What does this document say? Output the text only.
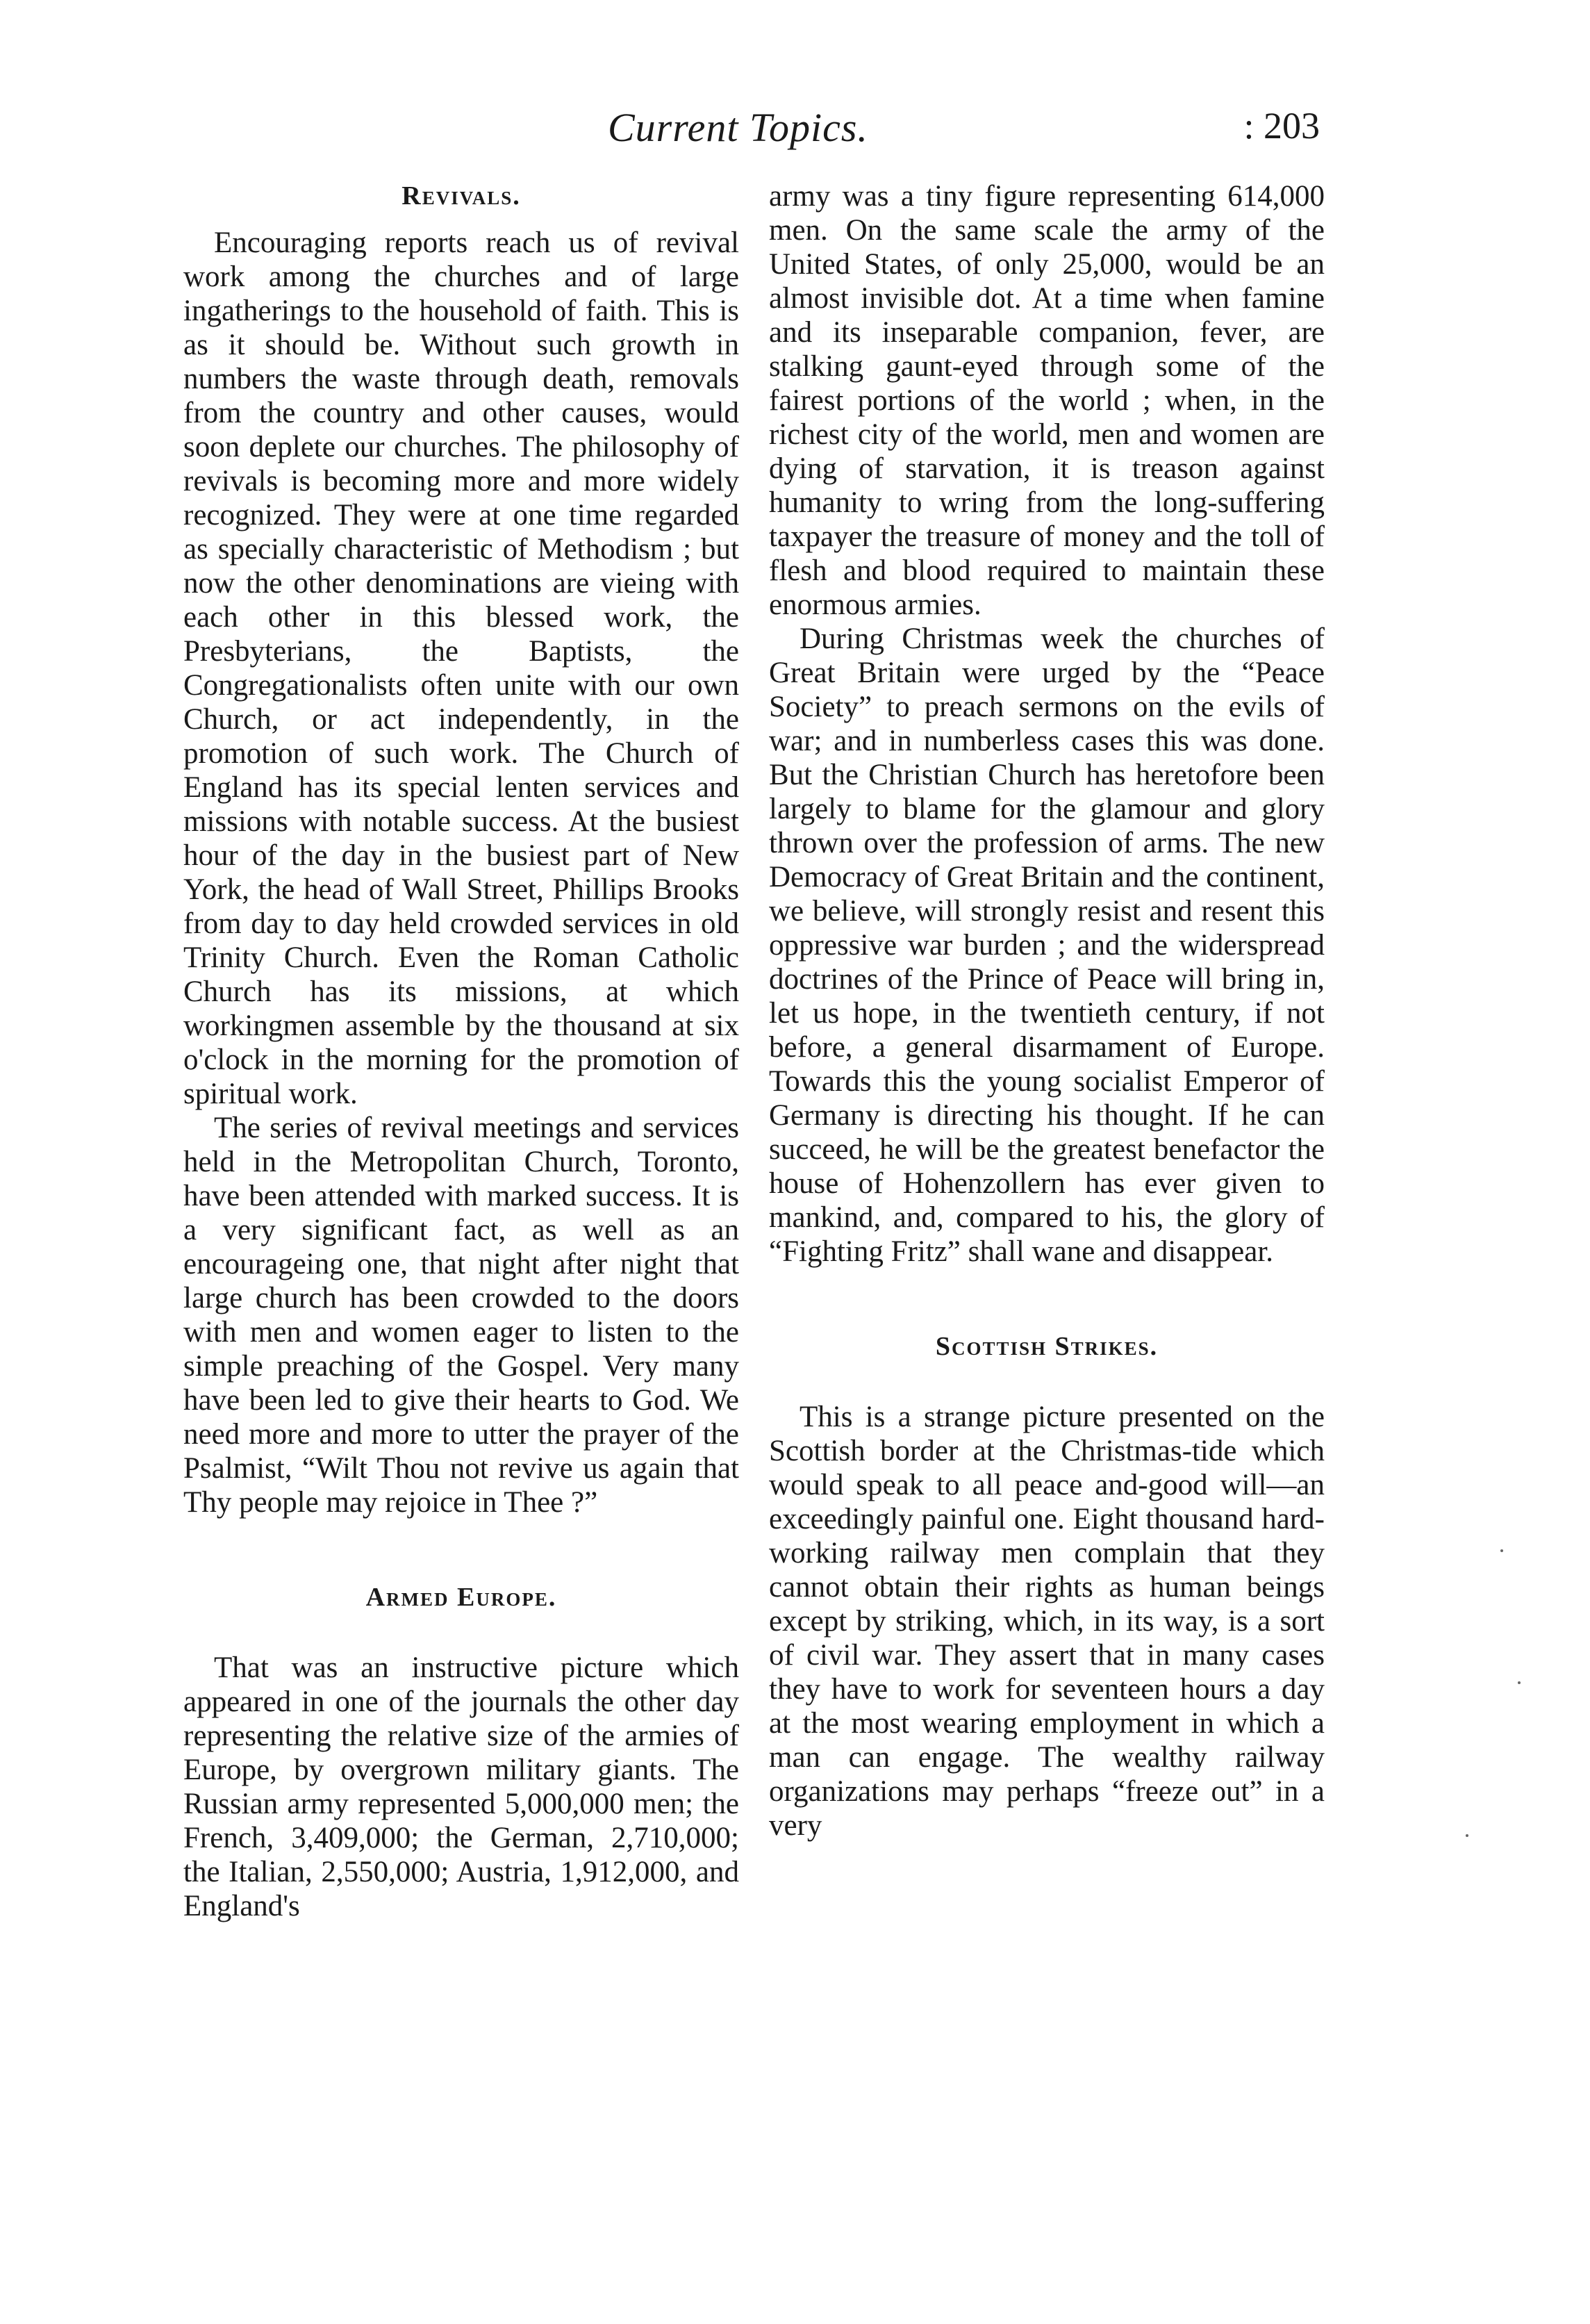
Current Topics.	: 203
Revivals.

Encouraging reports reach us of revival work among the churches and of large ingatherings to the household of faith. This is as it should be. Without such growth in numbers the waste through death, removals from the country and other causes, would soon deplete our churches. The philosophy of revivals is becoming more and more widely recognized. They were at one time regarded as specially characteristic of Methodism ; but now the other denominations are vieing with each other in this blessed work, the Presbyterians, the Baptists, the Congregationalists often unite with our own Church, or act independently, in the promotion of such work. The Church of England has its special lenten services and missions with notable success. At the busiest hour of the day in the busiest part of New York, the head of Wall Street, Phillips Brooks from day to day held crowded services in old Trinity Church. Even the Roman Catholic Church has its missions, at which workingmen assemble by the thousand at six o'clock in the morning for the promotion of spiritual work.

The series of revival meetings and services held in the Metropolitan Church, Toronto, have been attended with marked success. It is a very significant fact, as well as an encourageing one, that night after night that large church has been crowded to the doors with men and women eager to listen to the simple preaching of the Gospel. Very many have been led to give their hearts to God. We need more and more to utter the prayer of the Psalmist, “Wilt Thou not revive us again that Thy people may rejoice in Thee ?”

Armed Europe.

That was an instructive picture which appeared in one of the journals the other day representing the relative size of the armies of Europe, by overgrown military giants. The Russian army represented 5,000,000 men; the French, 3,409,000; the German, 2,710,000; the Italian, 2,550,000; Austria, 1,912,000, and England's

army was a tiny figure representing 614,000 men. On the same scale the army of the United States, of only 25,000, would be an almost invisible dot. At a time when famine and its inseparable companion, fever, are stalking gaunt-eyed through some of the fairest portions of the world ; when, in the richest city of the world, men and women are dying of starvation, it is treason against humanity to wring from the long-suffering taxpayer the treasure of money and the toll of flesh and blood required to maintain these enormous armies.

During Christmas week the churches of Great Britain were urged by the “Peace Society” to preach sermons on the evils of war; and in numberless cases this was done. But the Christian Church has heretofore been largely to blame for the glamour and glory thrown over the profession of arms. The new Democracy of Great Britain and the continent, we believe, will strongly resist and resent this oppressive war burden ; and the widerspread doctrines of the Prince of Peace will bring in, let us hope, in the twentieth century, if not before, a general disarmament of Europe. Towards this the young socialist Emperor of Germany is directing his thought. If he can succeed, he will be the greatest benefactor the house of Hohenzollern has ever given to mankind, and, compared to his, the glory of “Fighting Fritz” shall wane and disappear.

Scottish Strikes.

This is a strange picture presented on the Scottish border at the Christmas-tide which would speak to all peace and-good will—an exceedingly painful one. Eight thousand hard-working railway men complain that they cannot obtain their rights as human beings except by striking, which, in its way, is a sort of civil war. They assert that in many cases they have to work for seventeen hours a day at the most wearing employment in which a man can engage. The wealthy railway organizations may perhaps “freeze out” in a very
